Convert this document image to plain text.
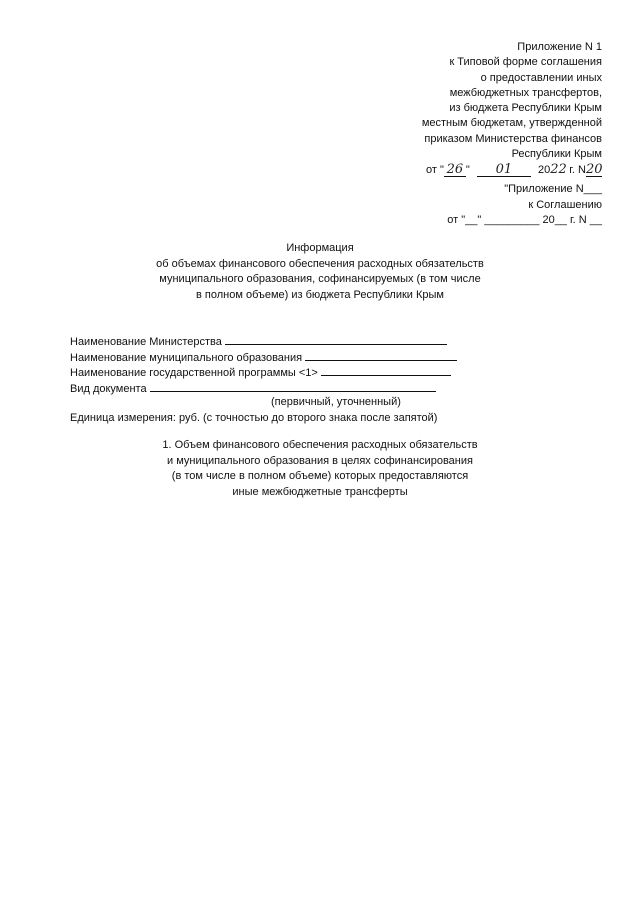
Приложение N 1
к Типовой форме соглашения
о предоставлении иных
межбюджетных трансфертов,
из бюджета Республики Крым
местным бюджетам, утвержденной
приказом Министерства финансов
Республики Крым
от " 26 " 01 2022 г. N20
"Приложение N___
к Соглашению
от "__" _________ 20__ г. N __
Информация
об объемах финансового обеспечения расходных обязательств
муниципального образования, софинансируемых (в том числе
в полном объеме) из бюджета Республики Крым
Наименование Министерства
Наименование муниципального образования
Наименование государственной программы <1>
Вид документа
(первичный, уточненный)
Единица измерения: руб. (с точностью до второго знака после запятой)
1. Объем финансового обеспечения расходных обязательств
и муниципального образования в целях софинансирования
(в том числе в полном объеме) которых предоставляются
иные межбюджетные трансферты
